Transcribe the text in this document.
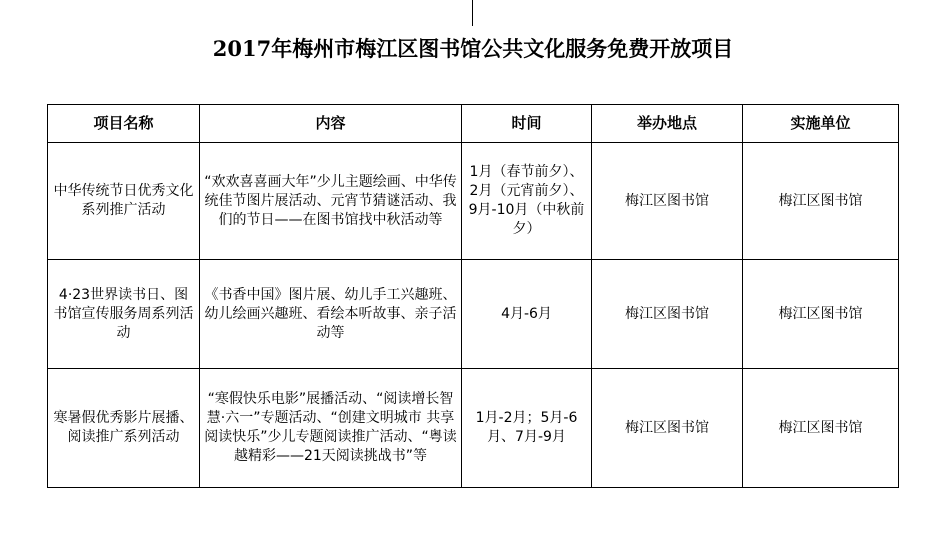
2017年梅州市梅江区图书馆公共文化服务免费开放项目
项目名称	内容	时间	举办地点	实施单位
中华传统节日优秀文化系列推广活动	“欢欢喜喜画大年”少儿主题绘画、中华传统佳节图片展活动、元宵节猜谜活动、我们的节日——在图书馆找中秋活动等	1月（春节前夕）、2月（元宵前夕）、9月-10月（中秋前夕）	梅江区图书馆	梅江区图书馆
4·23世界读书日、图书馆宣传服务周系列活动	《书香中国》图片展、幼儿手工兴趣班、幼儿绘画兴趣班、看绘本听故事、亲子活动等	4月-6月	梅江区图书馆	梅江区图书馆
寒暑假优秀影片展播、阅读推广系列活动	“寒假快乐电影”展播活动、“阅读增长智慧·六一”专题活动、“创建文明城市 共享阅读快乐”少儿专题阅读推广活动、“粤读越精彩——21天阅读挑战书”等	1月-2月；5月-6月、7月-9月	梅江区图书馆	梅江区图书馆
